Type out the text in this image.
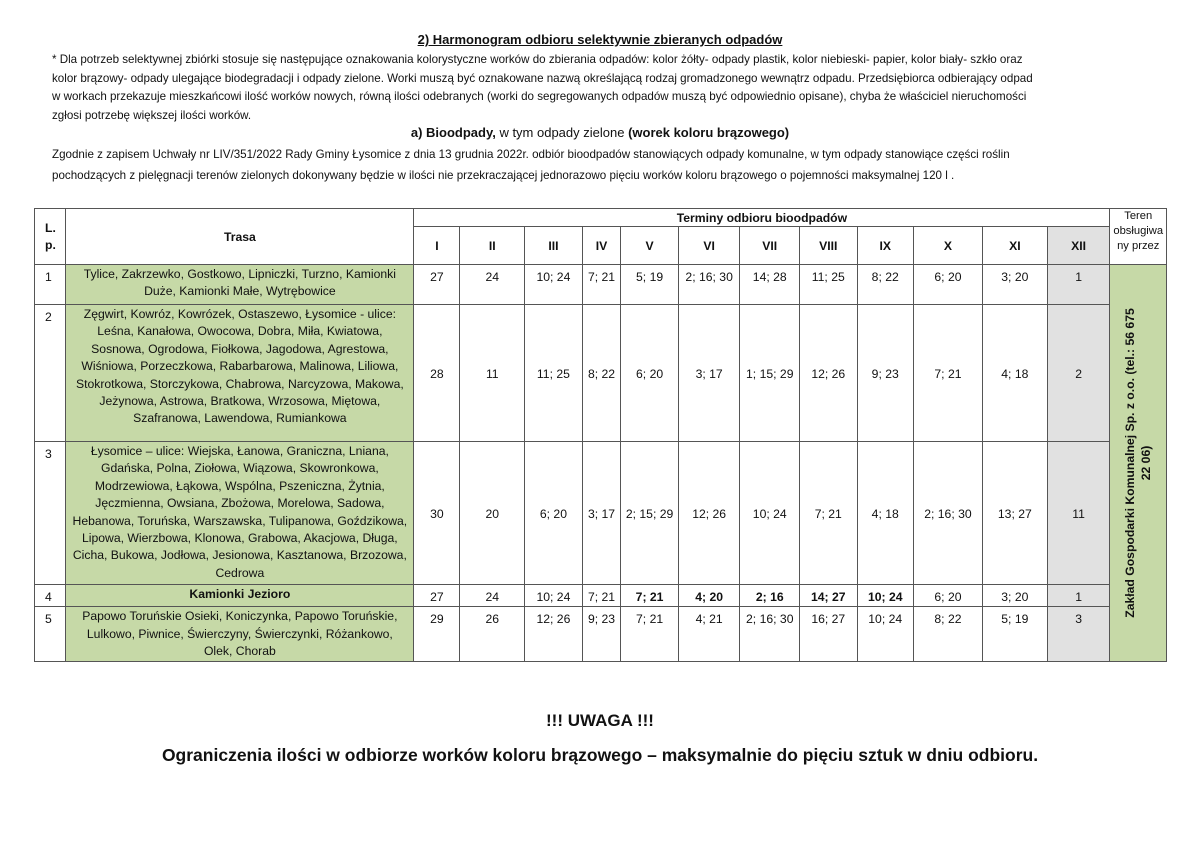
2) Harmonogram odbioru selektywnie zbieranych odpadów
* Dla potrzeb selektywnej zbiórki stosuje się następujące oznakowania kolorystyczne worków do zbierania odpadów: kolor żółty- odpady plastik, kolor niebieski- papier, kolor biały- szkło oraz
kolor brązowy- odpady ulegające biodegradacji i odpady zielone. Worki muszą być oznakowane nazwą określającą rodzaj gromadzonego wewnątrz odpadu. Przedsiębiorca odbierający odpad
w workach przekazuje mieszkańcowi ilość worków nowych, równą ilości odebranych (worki do segregowanych odpadów muszą być odpowiednio opisane), chyba że właściciel nieruchomości
zgłosi potrzebę większej ilości worków.
a) Bioodpady, w tym odpady zielone (worek koloru brązowego)
Zgodnie z zapisem Uchwały nr LIV/351/2022 Rady Gminy Łysomice z dnia 13 grudnia 2022r. odbiór bioodpadów stanowiących odpady komunalne, w tym odpady stanowiące części roślin
pochodzących z pielęgnacji terenów zielonych dokonywany będzie w ilości nie przekraczającej jednorazowo pięciu worków koloru brązowego o pojemności maksymalnej 120 l .
L. p.	Trasa	Terminy odbioru bioodpadów												Teren obsługiwa ny przez
		I	II	III	IV	V	VI	VII	VIII	IX	X	XI	XII	
1	Tylice, Zakrzewko, Gostkowo, Lipniczki, Turzno, Kamionki Duże, Kamionki Małe, Wytrębowice	27	24	10; 24	7; 21	5; 19	2; 16; 30	14; 28	11; 25	8; 22	6; 20	3; 20	1	Zakład Gospodarki Komunalnej Sp. z o.o. (tel.: 56 675 22 06)

2	Zęgwirt, Kowróz, Kowrózek, Ostaszewo, Łysomice - ulice: Leśna, Kanałowa, Owocowa, Dobra, Miła, Kwiatowa, Sosnowa, Ogrodowa, Fiołkowa, Jagodowa, Agrestowa, Wiśniowa, Porzeczkowa, Rabarbarowa, Malinowa, Liliowa, Stokrotkowa, Storczykowa, Chabrowa, Narcyzowa, Makowa, Jeżynowa, Astrowa, Bratkowa, Wrzosowa, Miętowa, Szafranowa, Lawendowa, Rumiankowa	28	11	11; 25	8; 22	6; 20	3; 17	1; 15; 29	12; 26	9; 23	7; 21	4; 18	2	
3	Łysomice – ulice: Wiejska, Łanowa, Graniczna, Lniana, Gdańska, Polna, Ziołowa, Wiązowa, Skowronkowa, Modrzewiowa, Łąkowa, Wspólna, Pszeniczna, Żytnia, Jęczmienna, Owsiana, Zbożowa, Morelowa, Sadowa, Hebanowa, Toruńska, Warszawska, Tulipanowa, Goździkowa, Lipowa, Wierzbowa, Klonowa, Grabowa, Akacjowa, Długa, Cicha, Bukowa, Jodłowa, Jesionowa, Kasztanowa, Brzozowa, Cedrowa	30	20	6; 20	3; 17	2; 15; 29	12; 26	10; 24	7; 21	4; 18	2; 16; 30	13; 27	11	
4	Kamionki Jezioro	27	24	10; 24	7; 21	7; 21	4; 20	2; 16	14; 27	10; 24	6; 20	3; 20	1	
5	Papowo Toruńskie Osieki, Koniczynka, Papowo Toruńskie, Lulkowo, Piwnice, Świerczyny, Świerczynki, Różankowo, Olek, Chorab	29	26	12; 26	9; 23	7; 21	4; 21	2; 16; 30	16; 27	10; 24	8; 22	5; 19	3	
!!! UWAGA !!!
Ograniczenia ilości w odbiorze worków koloru brązowego – maksymalnie do pięciu sztuk w dniu odbioru.
